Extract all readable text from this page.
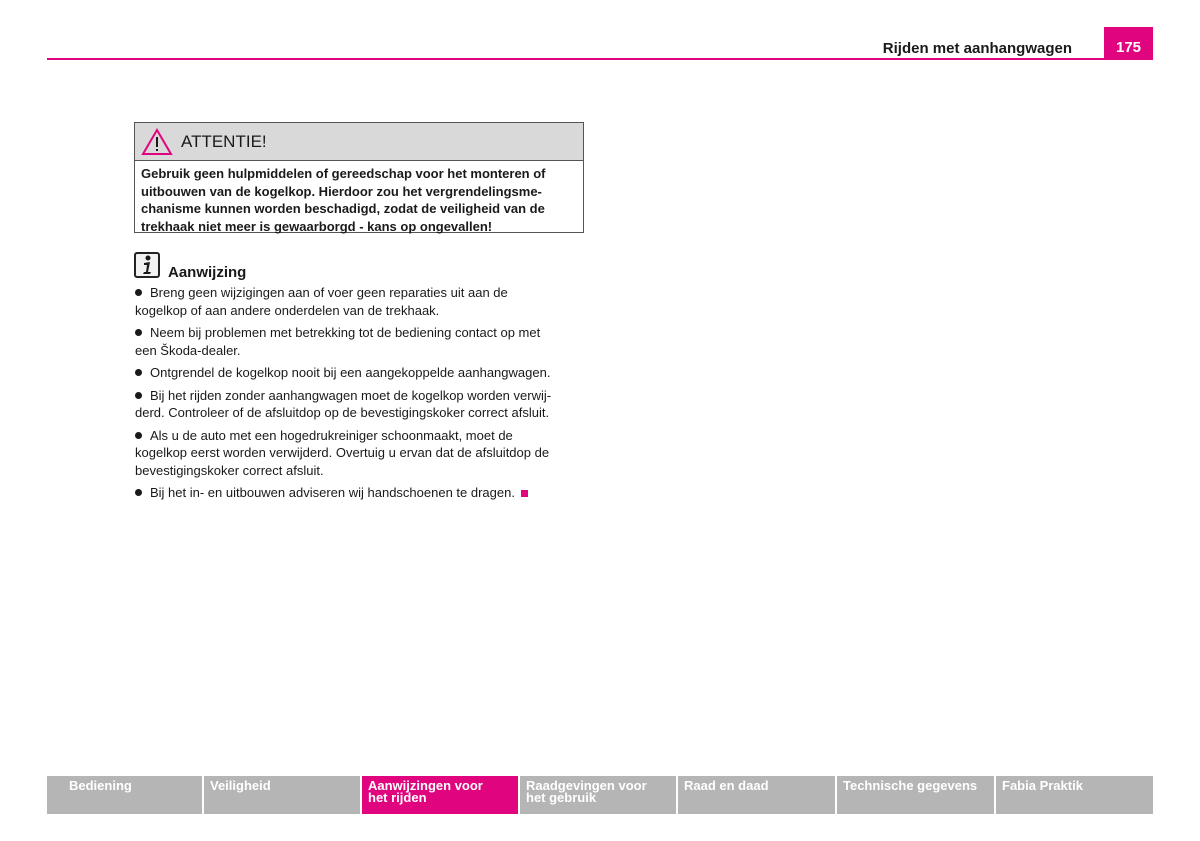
Rijden met aanhangwagen	175
ATTENTIE!
Gebruik geen hulpmiddelen of gereedschap voor het monteren of
uitbouwen van de kogelkop. Hierdoor zou het vergrendelingsme-
chanisme kunnen worden beschadigd, zodat de veiligheid van de
trekhaak niet meer is gewaarborgd - kans op ongevallen!
Aanwijzing
Breng geen wijzigingen aan of voer geen reparaties uit aan de
kogelkop of aan andere onderdelen van de trekhaak.
Neem bij problemen met betrekking tot de bediening contact op met
een Škoda-dealer.
Ontgrendel de kogelkop nooit bij een aangekoppelde aanhangwagen.
Bij het rijden zonder aanhangwagen moet de kogelkop worden verwij-
derd. Controleer of de afsluitdop op de bevestigingskoker correct afsluit.
Als u de auto met een hogedrukreiniger schoonmaakt, moet de
kogelkop eerst worden verwijderd. Overtuig u ervan dat de afsluitdop de
bevestigingskoker correct afsluit.
Bij het in- en uitbouwen adviseren wij handschoenen te dragen.
Bediening	Veiligheid	Aanwijzingen voor
het rijden
Raadgevingen voor
het gebruik
Raad en daad	Technische gegevens	Fabia Praktik
